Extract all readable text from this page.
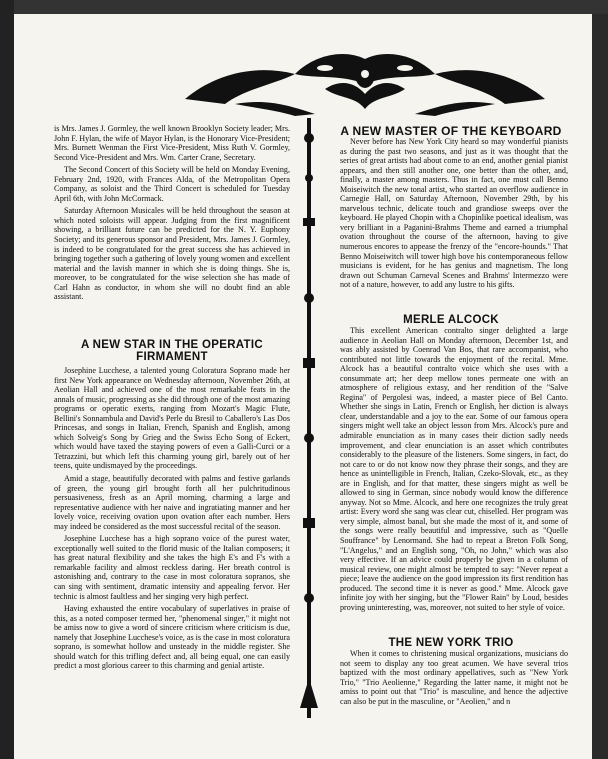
is Mrs. James J. Gormley, the well known Brooklyn Society leader; Mrs. John F. Hylan, the wife of Mayor Hylan, is the Honorary Vice-President; Mrs. Burnett Wenman the First Vice-President, Miss Ruth V. Gormley, Second Vice-President and Mrs. Wm. Carter Crane, Secretary.

The Second Concert of this Society will be held on Monday Evening, February 2nd, 1920, with Frances Alda, of the Metropolitan Opera Company, as soloist and the Third Concert is scheduled for Tuesday April 6th, with John McCormack.

Saturday Afternoon Musicales will be held throughout the season at which noted soloists will appear. Judging from the first magnificent showing, a brilliant future can be predicted for the N. Y. Euphony Society; and its generous sponsor and President, Mrs. James J. Gormley, is indeed to be congratulated for the great success she has achieved in bringing together such a gathering of lovely young women and excellent material and the lavish manner in which she is doing things. She is, moreover, to be congratulated for the wise selection she has made of Carl Hahn as conductor, in whom she will no doubt find an able assistant.

A NEW STAR IN THE OPERATIC FIRMAMENT

Josephine Lucchese, a talented young Coloratura Soprano made her first New York appearance on Wednesday afternoon, November 26th, at Aeolian Hall and achieved one of the most remarkable feats in the annals of music, progressing as she did through one of the most amazing programs or operatic exerts, ranging from Mozart's Magic Flute, Bellini's Sonnambula and David's Perle du Bresil to Caballero's Las Dos Princesas, and songs in Italian, French, Spanish and English, among which Solveig's Song by Grieg and the Swiss Echo Song of Eckert, which would have taxed the staying powers of even a Galli-Curci or a Tetrazzini, but which left this charming young girl, barely out of her teens, quite undismayed by the proceedings.

Amid a stage, beautifully decorated with palms and festive garlands of green, the young girl brought forth all her pulchritudinous persuasiveness, fresh as an April morning, charming a large and representative audience with her naive and ingratiating manner and her lovely voice, receiving ovation upon ovation after each number. Hers may indeed be considered as the most successful recital of the season.

Josephine Lucchese has a high soprano voice of the purest water, exceptionally well suited to the florid music of the Italian composers; it has great natural flexibility and she takes the high E's and F's with a remarkable facility and almost reckless daring. Her breath control is astonishing and, contrary to the case in most coloratura sopranos, she can sing with sentiment, dramatic intensity and appealing fervor. Her technic is almost faultless and her singing very high perfect.

Having exhausted the entire vocabulary of superlatives in praise of this, as a noted composer termed her, "phenomenal singer," it might not be amiss now to give a word of sincere criticism where criticism is due, namely that Josephine Lucchese's voice, as is the case in most coloratura soprano, is somewhat hollow and unsteady in the middle register. She should watch for this trifling defect and, all being equal, one can easily predict a most glorious career to this charming and genial artiste.

A NEW MASTER OF THE KEYBOARD

Never before has New York City heard so may wonderful pianists as during the past two seasons, and just as it was thought that the series of great artists had about come to an end, another genial pianist appears, and then still another one, one better than the other, and, finally, a master among masters. Thus in fact, one must call Benno Moiseiwitch the new tonal artist, who started an overflow audience in Carnegie Hall, on Saturday Afternoon, November 29th, by his marvelous technic, delicate touch and grandiose sweeps over the keyboard. He played Chopin with a Chopinlike poetical idealism, was very brilliant in a Paganini-Brahms Theme and earned a triumphal ovation throughout the course of the afternoon, having to give numerous encores to appease the frenzy of the "encore-hounds." That Benno Moiseiwitch will tower high bove his contemporaneous fellow musicians is evident, for he has genius and magnetism. The long drawn out Schuman Carneval Scenes and Brahms' Intermezzo were not of a nature, however, to add any lustre to his gifts.

MERLE ALCOCK

This excellent American contralto singer delighted a large audience in Aeolian Hall on Monday afternoon, December 1st, and was ably assisted by Coenrad Van Bos, that rare accompanist, who contributed not little towards the enjoyment of the recital. Mme. Alcock has a beautiful contralto voice which she uses with a consummate art; her deep mellow tones permeate one with an atmosphere of religious extasy, and her rendition of the "Salve Regina" of Pergolesi was, indeed, a master piece of Bel Canto. Whether she sings in Latin, French or English, her diction is always clear, understandable and a joy to the ear. Some of our famous opera singers might well take an object lesson from Mrs. Alcock's pure and admirable enunciation as in many cases their diction sadly needs improvement, and clear enunciation is an asset which contributes considerably to the pleasure of the listeners. Some singers, in fact, do not care to or do not know now they phrase their songs, and they are hence as unintelligible in French, Italian, Czeko-Slovak, etc., as they are in English, and for that matter, these singers might as well be allowed to sing in German, since nobody would know the difference anyway. Not so Mme. Alcock, and here one recognizes the truly great artist: Every word she sang was clear cut, chiselled. Her program was very simple, almost banal, but she made the most of it, and some of the songs were really beautiful and impressive, such as "Quelle Souffrance" by Lenormand. She had to repeat a Breton Folk Song, "L'Angelus," and an English song, "Oh, no John," which was also very effective. If an advice could properly be given in a column of musical review, one might almost be tempted to say: "Never repeat a piece; leave the audience on the good impression its first rendition has produced. The second time it is never as good." Mme. Alcock gave infinite joy with her singing, but the "Flower Rain" by Loud, besides proving uninteresting, was, moreover, not suited to her style of voice.

THE NEW YORK TRIO

When it comes to christening musical organizations, musicians do not seem to display any too great acumen. We have several trios baptized with the most ordinary appellatives, such as "New York Trio," "Trio Aeolienne," Regarding the latter name, it might not be amiss to point out that "Trio" is masculine, and hence the adjective can also be put in the masculine, or "Aeolien," and n
